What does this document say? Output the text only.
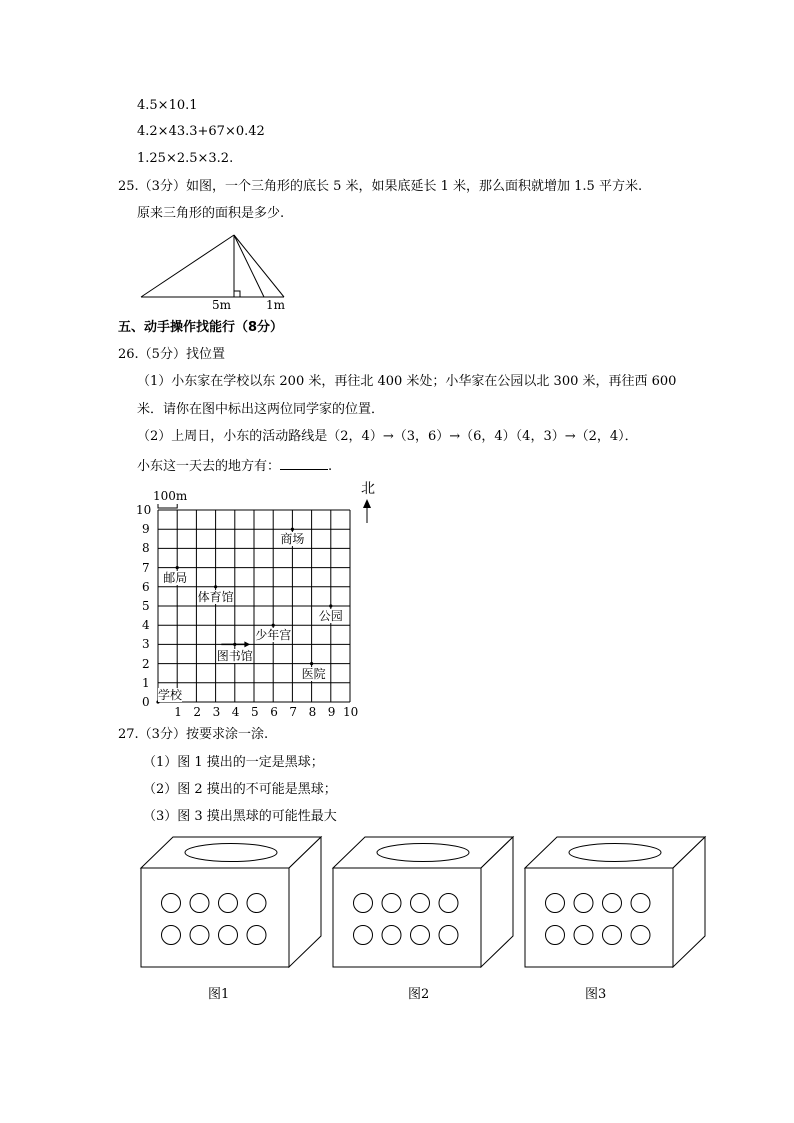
4.5×10.1
4.2×43.3+67×0.42
1.25×2.5×3.2.
25.（3分）如图，一个三角形的底长 5 米，如果底延长 1 米，那么面积就增加 1.5 平方米.
原来三角形的面积是多少.
5m	1m
五、动手操作找能行（8分）
26.（5分）找位置
（1）小东家在学校以东 200 米，再往北 400 米处；小华家在公园以北 300 米，再往西 600
米．请你在图中标出这两位同学家的位置．
（2）上周日，小东的活动路线是（2，4）→（3，6）→（6，4）（4，3）→（2，4）．
小东这一天去的地方有：	.
100m	北
1 2 3 4 5 6 7 8 9 10
0
1
2
3
4
5
6
7
8
9
10
学校
邮局
体育馆
商场
公园
少年宫
图书馆
医院
27.（3分）按要求涂一涂.
（1）图 1 摸出的一定是黑球；
（2）图 2 摸出的不可能是黑球；
（3）图 3 摸出黑球的可能性最大
图1	图2	图3
